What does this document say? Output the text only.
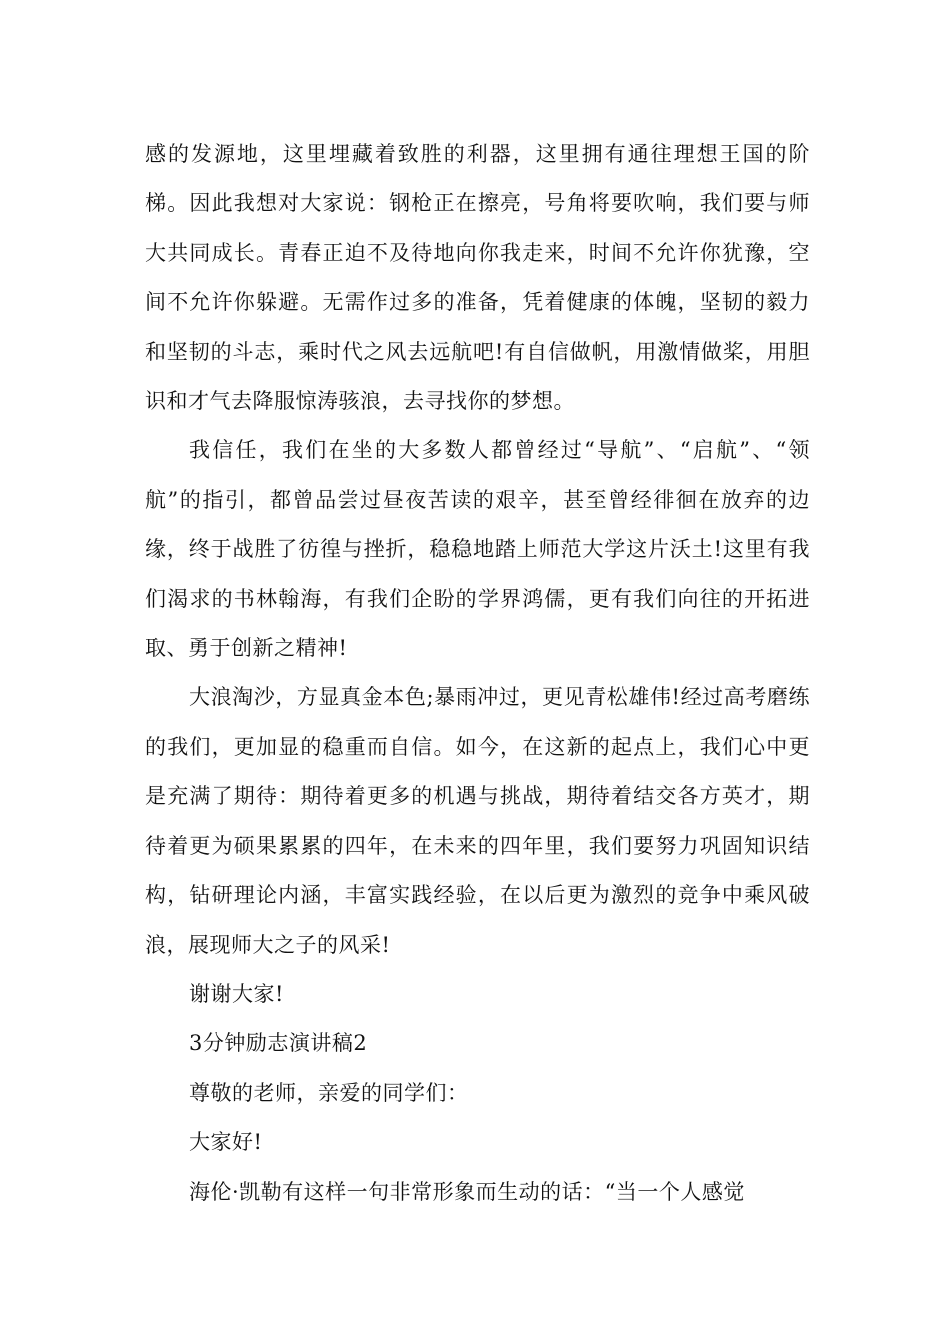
感的发源地，这里埋藏着致胜的利器，这里拥有通往理想王国的阶梯。因此我想对大家说：钢枪正在擦亮，号角将要吹响，我们要与师大共同成长。青春正迫不及待地向你我走来，时间不允许你犹豫，空间不允许你躲避。无需作过多的准备，凭着健康的体魄，坚韧的毅力和坚韧的斗志，乘时代之风去远航吧!有自信做帆，用激情做桨，用胆识和才气去降服惊涛骇浪，去寻找你的梦想。

我信任，我们在坐的大多数人都曾经过“导航”、“启航”、“领航”的指引，都曾品尝过昼夜苦读的艰辛，甚至曾经徘徊在放弃的边缘，终于战胜了彷徨与挫折，稳稳地踏上师范大学这片沃土!这里有我们渴求的书林翰海，有我们企盼的学界鸿儒，更有我们向往的开拓进取、勇于创新之精神!

大浪淘沙，方显真金本色;暴雨冲过，更见青松雄伟!经过高考磨练的我们，更加显的稳重而自信。如今，在这新的起点上，我们心中更是充满了期待：期待着更多的机遇与挑战，期待着结交各方英才，期待着更为硕果累累的四年，在未来的四年里，我们要努力巩固知识结构，钻研理论内涵，丰富实践经验，在以后更为激烈的竞争中乘风破浪，展现师大之子的风采!

谢谢大家!

3分钟励志演讲稿2

尊敬的老师，亲爱的同学们：

大家好!

海伦·凯勒有这样一句非常形象而生动的话：“当一个人感觉
